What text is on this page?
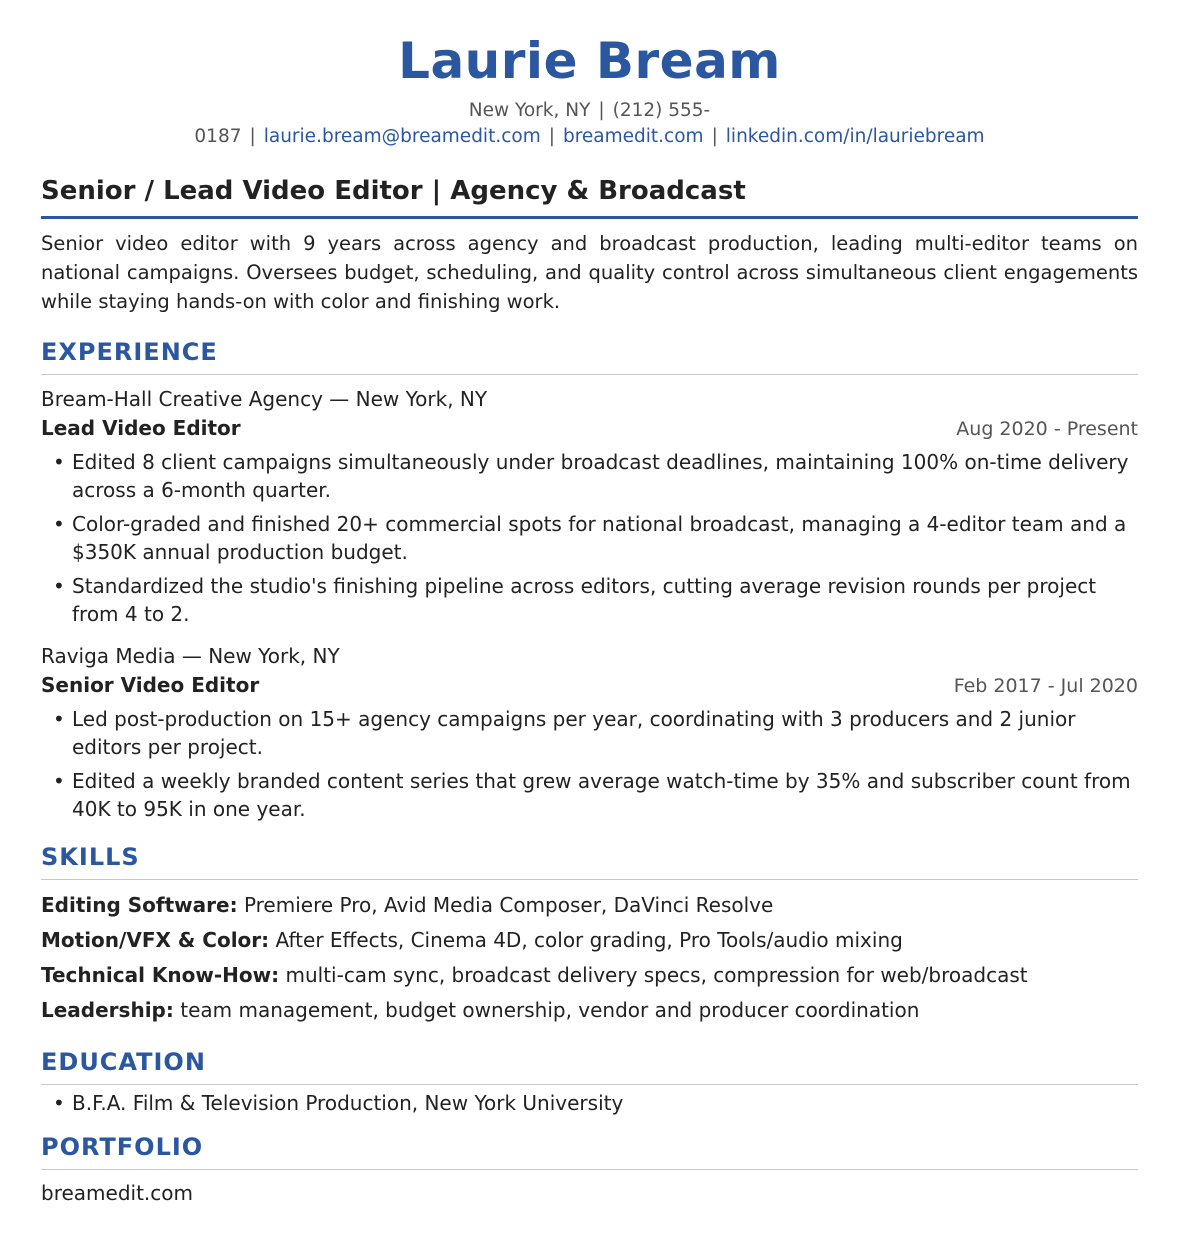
Laurie Bream
New York, NY | (212) 555-0187 | laurie.bream@breamedit.com | breamedit.com | linkedin.com/in/lauriebream
Senior / Lead Video Editor | Agency & Broadcast
Senior video editor with 9 years across agency and broadcast production, leading multi-editor teams on national campaigns. Oversees budget, scheduling, and quality control across simultaneous client engagements while staying hands-on with color and finishing work.
EXPERIENCE
Bream-Hall Creative Agency — New York, NY
Lead Video Editor	Aug 2020 - Present
• Edited 8 client campaigns simultaneously under broadcast deadlines, maintaining 100% on-time delivery across a 6-month quarter.
• Color-graded and finished 20+ commercial spots for national broadcast, managing a 4-editor team and a $350K annual production budget.
• Standardized the studio's finishing pipeline across editors, cutting average revision rounds per project from 4 to 2.
Raviga Media — New York, NY
Senior Video Editor	Feb 2017 - Jul 2020
• Led post-production on 15+ agency campaigns per year, coordinating with 3 producers and 2 junior editors per project.
• Edited a weekly branded content series that grew average watch-time by 35% and subscriber count from 40K to 95K in one year.
SKILLS
Editing Software: Premiere Pro, Avid Media Composer, DaVinci Resolve
Motion/VFX & Color: After Effects, Cinema 4D, color grading, Pro Tools/audio mixing
Technical Know-How: multi-cam sync, broadcast delivery specs, compression for web/broadcast
Leadership: team management, budget ownership, vendor and producer coordination
EDUCATION
• B.F.A. Film & Television Production, New York University
PORTFOLIO
breamedit.com
